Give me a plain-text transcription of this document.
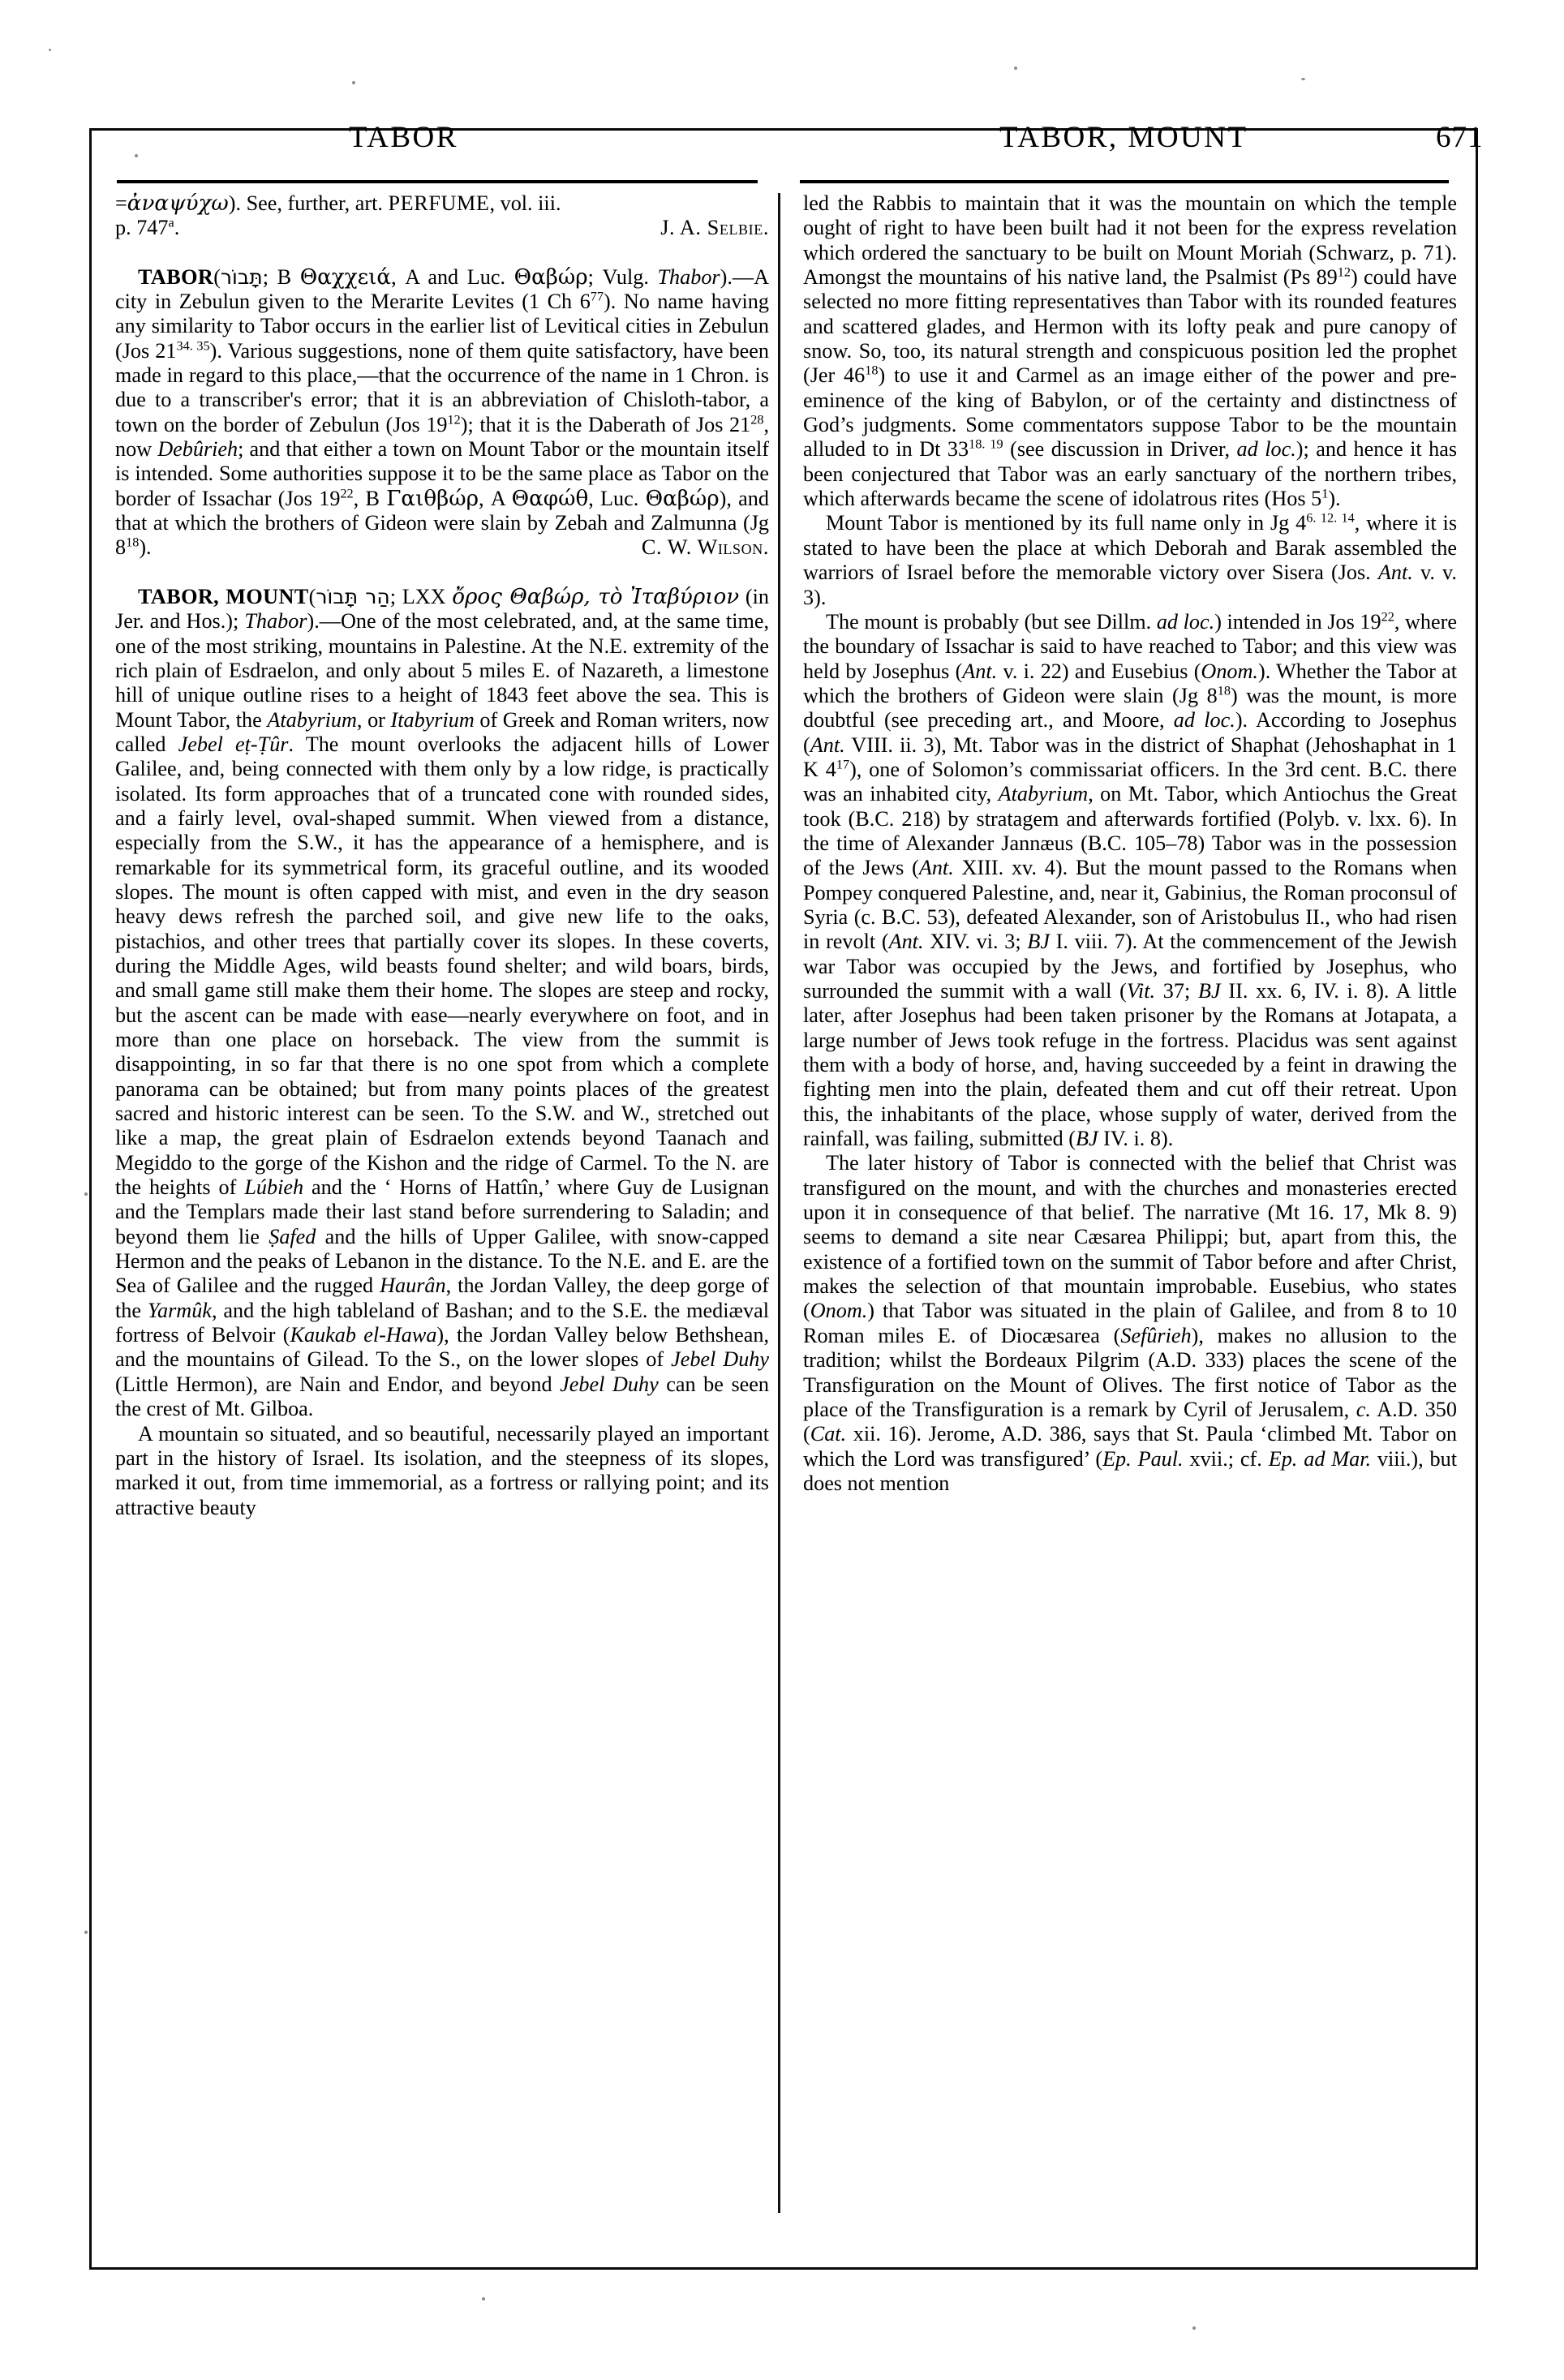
TABOR	TABOR, MOUNT	671

=ἀναψύχω). See, further, art. PERFUME, vol. iii.
p. 747$^a$.	J. A. Selbie.

TABOR(תָּבוֹר; B Θαχχειά, A and Luc. Θαβώρ; Vulg. Thabor).—A city in Zebulun given to the Merarite Levites (1 Ch $6^{77}$). No name having any similarity to Tabor occurs in the earlier list of Levitical cities in Zebulun (Jos $21^{34. 35}$). Various suggestions, none of them quite satisfactory, have been made in regard to this place,—that the occurrence of the name in 1 Chron. is due to a transcriber's error; that it is an abbreviation of Chisloth-tabor, a town on the border of Zebulun (Jos $19^{12}$); that it is the Daberath of Jos $21^{28}$, now Debûrieh; and that either a town on Mount Tabor or the mountain itself is intended. Some authorities suppose it to be the same place as Tabor on the border of Issachar (Jos $19^{22}$, B Γαιθβώρ, A Θαφώθ, Luc. Θαβώρ), and that at which the brothers of Gideon were slain by Zebah and Zalmunna (Jg $8^{18}$).	C. W. Wilson.

TABOR, MOUNT(הַר תָּבוֹר; LXX ὄρος Θαβώρ, τὸ Ἰταβύριον (in Jer. and Hos.); Thabor).—One of the most celebrated, and, at the same time, one of the most striking, mountains in Palestine. At the N.E. extremity of the rich plain of Esdraelon, and only about 5 miles E. of Nazareth, a limestone hill of unique outline rises to a height of 1843 feet above the sea. This is Mount Tabor, the Atabyrium, or Itabyrium of Greek and Roman writers, now called Jebel eṭ-Ṭûr. The mount overlooks the adjacent hills of Lower Galilee, and, being connected with them only by a low ridge, is practically isolated. Its form approaches that of a truncated cone with rounded sides, and a fairly level, oval-shaped summit. When viewed from a distance, especially from the S.W., it has the appearance of a hemisphere, and is remarkable for its symmetrical form, its graceful outline, and its wooded slopes. The mount is often capped with mist, and even in the dry season heavy dews refresh the parched soil, and give new life to the oaks, pistachios, and other trees that partially cover its slopes. In these coverts, during the Middle Ages, wild beasts found shelter; and wild boars, birds, and small game still make them their home. The slopes are steep and rocky, but the ascent can be made with ease—nearly everywhere on foot, and in more than one place on horseback. The view from the summit is disappointing, in so far that there is no one spot from which a complete panorama can be obtained; but from many points places of the greatest sacred and historic interest can be seen. To the S.W. and W., stretched out like a map, the great plain of Esdraelon extends beyond Taanach and Megiddo to the gorge of the Kishon and the ridge of Carmel. To the N. are the heights of Lúbieh and the ‘ Horns of Hattîn,’ where Guy de Lusignan and the Templars made their last stand before surrendering to Saladin; and beyond them lie Ṣafed and the hills of Upper Galilee, with snow-capped Hermon and the peaks of Lebanon in the distance. To the N.E. and E. are the Sea of Galilee and the rugged Haurân, the Jordan Valley, the deep gorge of the Yarmûk, and the high tableland of Bashan; and to the S.E. the mediæval fortress of Belvoir (Kaukab el-Hawa), the Jordan Valley below Bethshean, and the mountains of Gilead. To the S., on the lower slopes of Jebel Duhy (Little Hermon), are Nain and Endor, and beyond Jebel Duhy can be seen the crest of Mt. Gilboa.

A mountain so situated, and so beautiful, necessarily played an important part in the history of Israel. Its isolation, and the steepness of its slopes, marked it out, from time immemorial, as a fortress or rallying point; and its attractive beauty

led the Rabbis to maintain that it was the mountain on which the temple ought of right to have been built had it not been for the express revelation which ordered the sanctuary to be built on Mount Moriah (Schwarz, p. 71). Amongst the mountains of his native land, the Psalmist (Ps $89^{12}$) could have selected no more fitting representatives than Tabor with its rounded features and scattered glades, and Hermon with its lofty peak and pure canopy of snow. So, too, its natural strength and conspicuous position led the prophet (Jer $46^{18}$) to use it and Carmel as an image either of the power and pre-eminence of the king of Babylon, or of the certainty and distinctness of God’s judgments. Some commentators suppose Tabor to be the mountain alluded to in Dt $33^{18. 19}$ (see discussion in Driver, ad loc.); and hence it has been conjectured that Tabor was an early sanctuary of the northern tribes, which afterwards became the scene of idolatrous rites (Hos $5^1$).

Mount Tabor is mentioned by its full name only in Jg $4^{6. 12. 14}$, where it is stated to have been the place at which Deborah and Barak assembled the warriors of Israel before the memorable victory over Sisera (Jos. Ant. v. v. 3).

The mount is probably (but see Dillm. ad loc.) intended in Jos $19^{22}$, where the boundary of Issachar is said to have reached to Tabor; and this view was held by Josephus (Ant. v. i. 22) and Eusebius (Onom.). Whether the Tabor at which the brothers of Gideon were slain (Jg $8^{18}$) was the mount, is more doubtful (see preceding art., and Moore, ad loc.). According to Josephus (Ant. VIII. ii. 3), Mt. Tabor was in the district of Shaphat (Jehoshaphat in 1 K $4^{17}$), one of Solomon’s commissariat officers. In the 3rd cent. B.C. there was an inhabited city, Atabyrium, on Mt. Tabor, which Antiochus the Great took (B.C. 218) by stratagem and afterwards fortified (Polyb. v. lxx. 6). In the time of Alexander Jannæus (B.C. 105–78) Tabor was in the possession of the Jews (Ant. XIII. xv. 4). But the mount passed to the Romans when Pompey conquered Palestine, and, near it, Gabinius, the Roman proconsul of Syria (c. B.C. 53), defeated Alexander, son of Aristobulus II., who had risen in revolt (Ant. XIV. vi. 3; BJ I. viii. 7). At the commencement of the Jewish war Tabor was occupied by the Jews, and fortified by Josephus, who surrounded the summit with a wall (Vit. 37; BJ II. xx. 6, IV. i. 8). A little later, after Josephus had been taken prisoner by the Romans at Jotapata, a large number of Jews took refuge in the fortress. Placidus was sent against them with a body of horse, and, having succeeded by a feint in drawing the fighting men into the plain, defeated them and cut off their retreat. Upon this, the inhabitants of the place, whose supply of water, derived from the rainfall, was failing, submitted (BJ IV. i. 8).

The later history of Tabor is connected with the belief that Christ was transfigured on the mount, and with the churches and monasteries erected upon it in consequence of that belief. The narrative (Mt 16. 17, Mk 8. 9) seems to demand a site near Cæsarea Philippi; but, apart from this, the existence of a fortified town on the summit of Tabor before and after Christ, makes the selection of that mountain improbable. Eusebius, who states (Onom.) that Tabor was situated in the plain of Galilee, and from 8 to 10 Roman miles E. of Diocæsarea (Sefûrieh), makes no allusion to the tradition; whilst the Bordeaux Pilgrim (A.D. 333) places the scene of the Transfiguration on the Mount of Olives. The first notice of Tabor as the place of the Transfiguration is a remark by Cyril of Jerusalem, c. A.D. 350 (Cat. xii. 16). Jerome, A.D. 386, says that St. Paula ‘climbed Mt. Tabor on which the Lord was transfigured’ (Ep. Paul. xvii.; cf. Ep. ad Mar. viii.), but does not mention
